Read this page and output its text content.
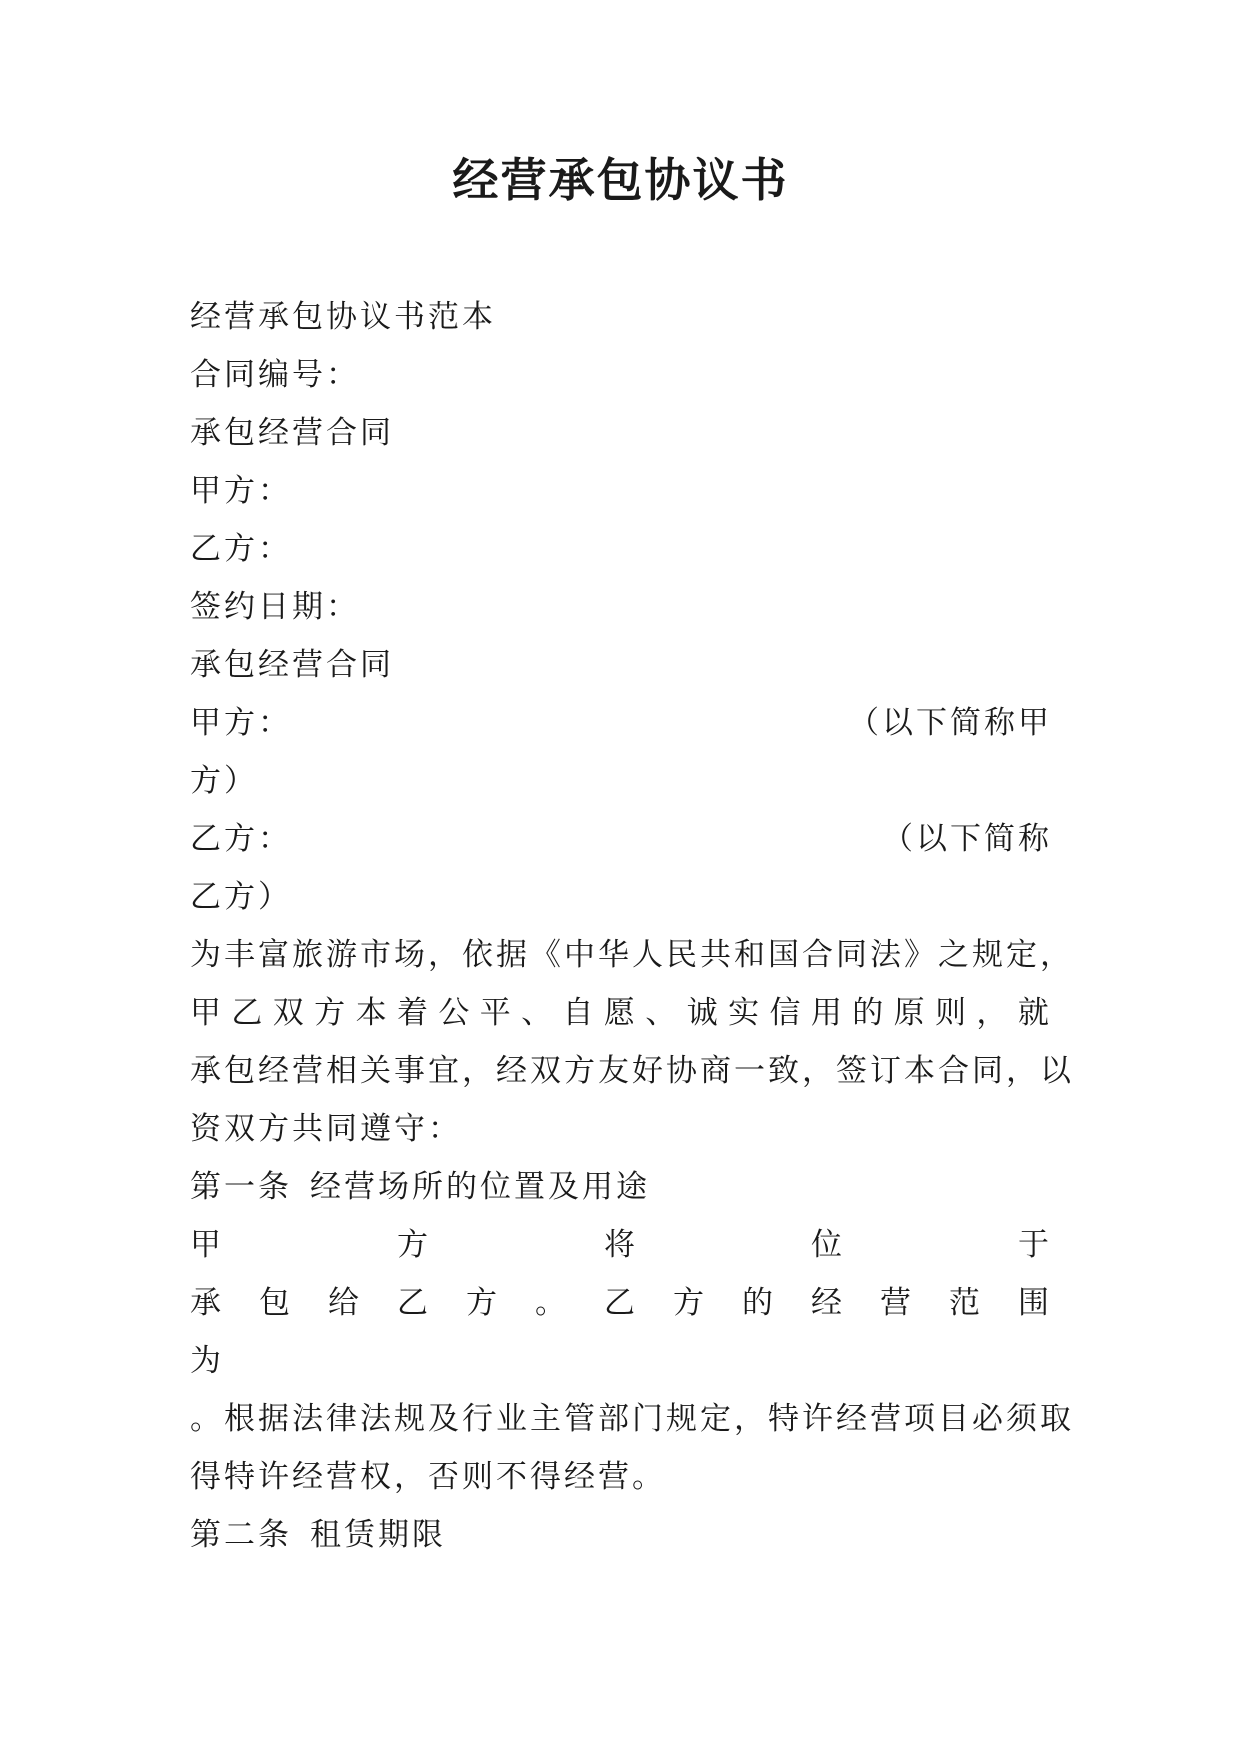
经营承包协议书
经营承包协议书范本
合同编号：
承包经营合同
甲方：
乙方：
签约日期：
承包经营合同
甲方：	（以下简称甲
方）
乙方：	（以下简称
乙方）
为 丰 富 旅 游 市 场 ， 依 据 《 中 华 人 民 共 和 国 合 同 法 》 之 规 定 ，
甲 乙 双 方 本 着 公 平 、 自 愿 、 诚 实 信 用 的 原 则 ， 就
承 包 经 营 相 关 事 宜 ， 经 双 方 友 好 协 商 一 致 ， 签 订 本 合 同 ， 以
资双方共同遵守：
第一条 经营场所的位置及用途
甲	方	将	位	于
承 包 给 乙 方 。 乙 方 的 经 营 范 围
为
。 根 据 法 律 法 规 及 行 业 主 管 部 门 规 定 ， 特 许 经 营 项 目 必 须 取
得特许经营权，否则不得经营。
第二条 租赁期限
